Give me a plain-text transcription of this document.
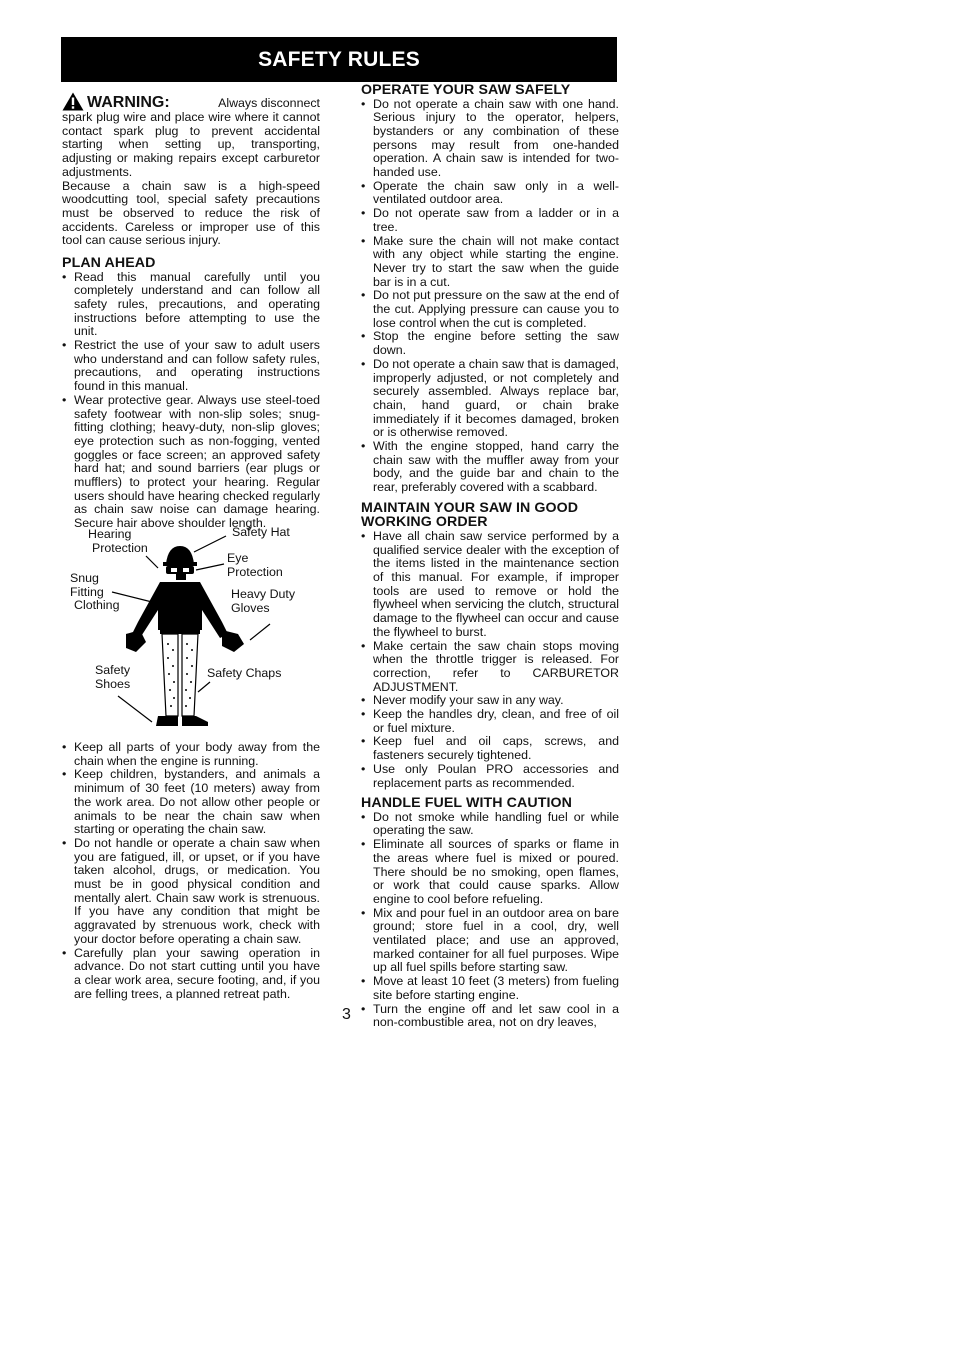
SAFETY RULES
WARNING:	Always disconnect

spark plug wire and place wire where it cannot contact spark plug to prevent accidental starting when setting up, transporting, adjusting or making repairs except carburetor adjustments.

Because a chain saw is a high-speed woodcutting tool, special safety precautions must be observed to reduce the risk of accidents. Careless or improper use of this tool can cause serious injury.

PLAN AHEAD
• Read this manual carefully until you completely understand and can follow all safety rules, precautions, and operating instructions before attempting to use the unit.
• Restrict the use of your saw to adult users who understand and can follow safety rules, precautions, and operating instructions found in this manual.
• Wear protective gear. Always use steel-toed safety footwear with non-slip soles; snug-fitting clothing; heavy-duty, non-slip gloves; eye protection such as non-fogging, vented goggles or face screen; an approved safety hard hat; and sound barriers (ear plugs or mufflers) to protect your hearing. Regular users should have hearing checked regularly as chain saw noise can damage hearing. Secure hair above shoulder length.
Hearing
Protection
Safety Hat
Eye
Protection
Snug
Fitting
Clothing
Heavy Duty
Gloves
Safety
Shoes
Safety Chaps
• Keep all parts of your body away from the chain when the engine is running.
• Keep children, bystanders, and animals a minimum of 30 feet (10 meters) away from the work area. Do not allow other people or animals to be near the chain saw when starting or operating the chain saw.
• Do not handle or operate a chain saw when you are fatigued, ill, or upset, or if you have taken alcohol, drugs, or medication. You must be in good physical condition and mentally alert. Chain saw work is strenuous. If you have any condition that might be aggravated by strenuous work, check with your doctor before operating a chain saw.
• Carefully plan your sawing operation in advance. Do not start cutting until you have a clear work area, secure footing, and, if you are felling trees, a planned retreat path.
OPERATE YOUR SAW SAFELY
• Do not operate a chain saw with one hand. Serious injury to the operator, helpers, bystanders or any combination of these persons may result from one-handed operation. A chain saw is intended for two-handed use.
• Operate the chain saw only in a well-ventilated outdoor area.
• Do not operate saw from a ladder or in a tree.
• Make sure the chain will not make contact with any object while starting the engine. Never try to start the saw when the guide bar is in a cut.
• Do not put pressure on the saw at the end of the cut. Applying pressure can cause you to lose control when the cut is completed.
• Stop the engine before setting the saw down.
• Do not operate a chain saw that is damaged, improperly adjusted, or not completely and securely assembled. Always replace bar, chain, hand guard, or chain brake immediately if it becomes damaged, broken or is otherwise removed.
• With the engine stopped, hand carry the chain saw with the muffler away from your body, and the guide bar and chain to the rear, preferably covered with a scabbard.
MAINTAIN YOUR SAW IN GOOD WORKING ORDER
• Have all chain saw service performed by a qualified service dealer with the exception of the items listed in the maintenance section of this manual. For example, if improper tools are used to remove or hold the flywheel when servicing the clutch, structural damage to the flywheel can occur and cause the flywheel to burst.
• Make certain the saw chain stops moving when the throttle trigger is released. For correction, refer to CARBURETOR ADJUSTMENT.
• Never modify your saw in any way.
• Keep the handles dry, clean, and free of oil or fuel mixture.
• Keep fuel and oil caps, screws, and fasteners securely tightened.
• Use only Poulan PRO accessories and replacement parts as recommended.
HANDLE FUEL WITH CAUTION
• Do not smoke while handling fuel or while operating the saw.
• Eliminate all sources of sparks or flame in the areas where fuel is mixed or poured. There should be no smoking, open flames, or work that could cause sparks. Allow engine to cool before refueling.
• Mix and pour fuel in an outdoor area on bare ground; store fuel in a cool, dry, well ventilated place; and use an approved, marked container for all fuel purposes. Wipe up all fuel spills before starting saw.
• Move at least 10 feet (3 meters) from fueling site before starting engine.
• Turn the engine off and let saw cool in a non-combustible area, not on dry leaves,
3
